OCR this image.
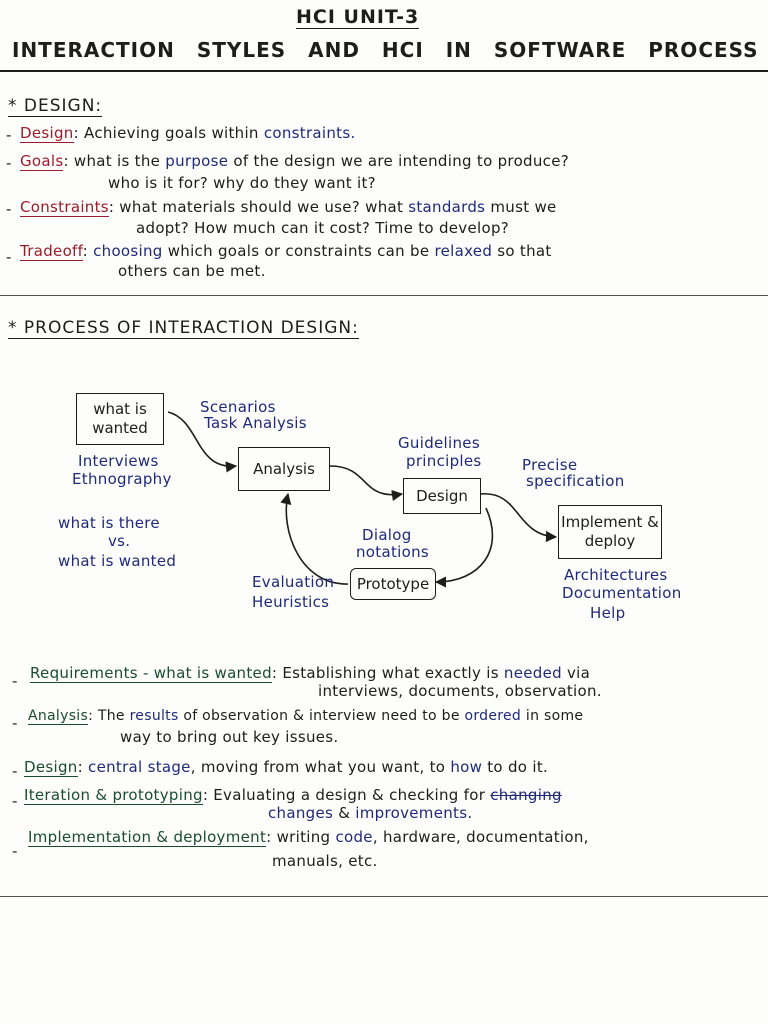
HCI UNIT-3
INTERACTION STYLES AND HCI IN SOFTWARE PROCESS
* DESIGN:
- Design: Achieving goals within constraints.
- Goals: what is the purpose of the design we are intending to produce?
who is it for? why do they want it?
- Constraints: what materials should we use? what standards must we
adopt? How much can it cost? Time to develop?
- Tradeoff: choosing which goals or constraints can be relaxed so that
others can be met.
* PROCESS OF INTERACTION DESIGN:
what is wanted
Analysis
Design
Implement & deploy
Prototype
Scenarios
Task Analysis
Interviews
Ethnography
what is there
vs.
what is wanted
Guidelines
principles	Precise
specification
Dialog
notations
Evaluation
Heuristics
Architectures
Documentation
Help
- Requirements - what is wanted: Establishing what exactly is needed via
interviews, documents, observation.
- Analysis: The results of observation & interview need to be ordered in some
way to bring out key issues.
- Design: central stage, moving from what you want, to how to do it.
- Iteration & prototyping: Evaluating a design & checking for changing
changes & improvements.
-
Implementation & deployment: writing code, hardware, documentation,
manuals, etc.
